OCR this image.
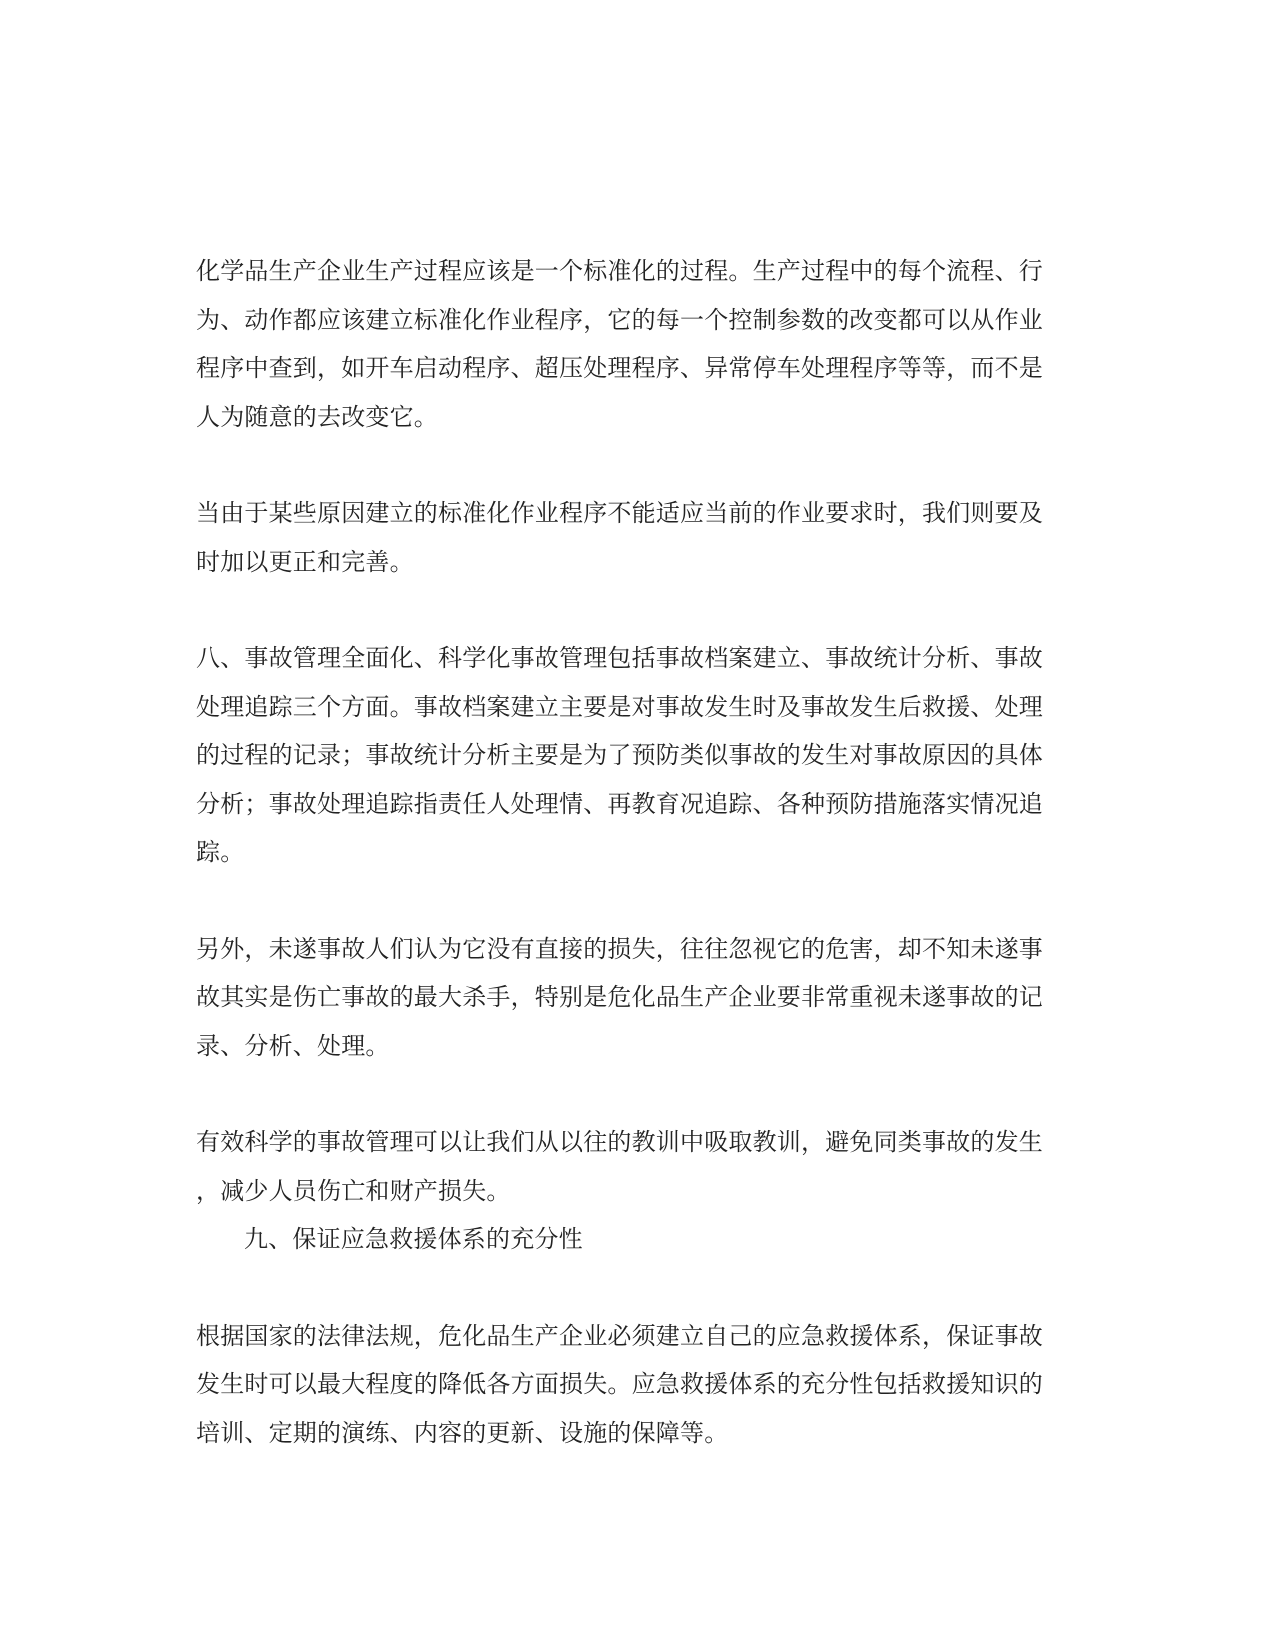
化学品生产企业生产过程应该是一个标准化的过程。生产过程中的每个流程、行
为、动作都应该建立标准化作业程序，它的每一个控制参数的改变都可以从作业
程序中查到，如开车启动程序、超压处理程序、异常停车处理程序等等，而不是
人为随意的去改变它。

当由于某些原因建立的标准化作业程序不能适应当前的作业要求时，我们则要及
时加以更正和完善。

八、事故管理全面化、科学化事故管理包括事故档案建立、事故统计分析、事故
处理追踪三个方面。事故档案建立主要是对事故发生时及事故发生后救援、处理
的过程的记录；事故统计分析主要是为了预防类似事故的发生对事故原因的具体
分析；事故处理追踪指责任人处理情、再教育况追踪、各种预防措施落实情况追
踪。

另外，未遂事故人们认为它没有直接的损失，往往忽视它的危害，却不知未遂事
故其实是伤亡事故的最大杀手，特别是危化品生产企业要非常重视未遂事故的记
录、分析、处理。

有效科学的事故管理可以让我们从以往的教训中吸取教训，避免同类事故的发生
，减少人员伤亡和财产损失。

九、保证应急救援体系的充分性

根据国家的法律法规，危化品生产企业必须建立自己的应急救援体系，保证事故
发生时可以最大程度的降低各方面损失。应急救援体系的充分性包括救援知识的
培训、定期的演练、内容的更新、设施的保障等。
